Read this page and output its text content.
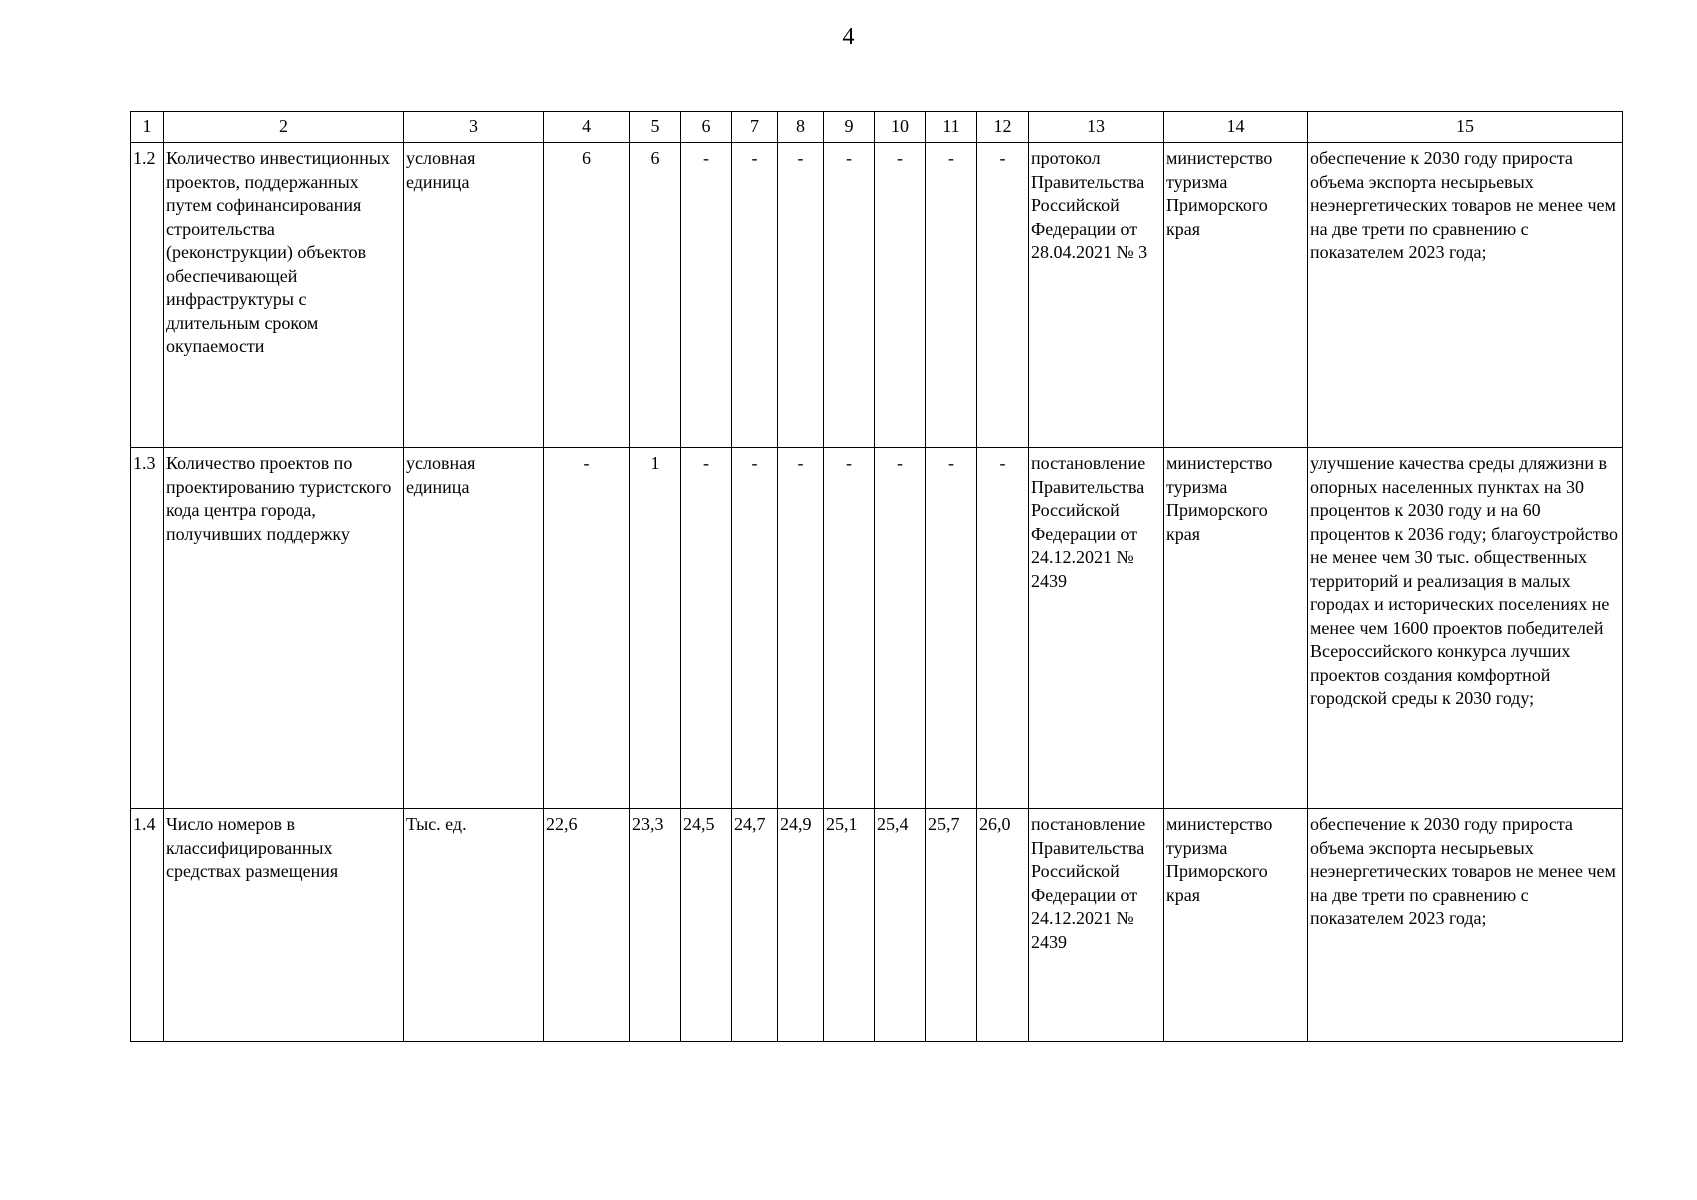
4
1	2	3	4	5	6	7	8	9	10	11	12	13	14	15
1.2	Количество инвестиционных проектов, поддержанных путем софинансирования строительства (реконструкции) объектов обеспечивающей инфраструктуры с длительным сроком окупаемости	условная единица	6	6	-	-	-	-	-	-	-	протокол Правительства Российской Федерации от 28.04.2021 № 3	министерство туризма Приморского края	обеспечение к 2030 году прироста объема экспорта несырьевых неэнергетических товаров не менее чем на две трети по сравнению с показателем 2023 года;
1.3	Количество проектов по проектированию туристского кода центра города, получивших поддержку	условная единица	-	1	-	-	-	-	-	-	-	постановление Правительства Российской Федерации от 24.12.2021 № 2439	министерство туризма Приморского края	улучшение качества среды дляжизни в опорных населенных пунктах на 30 процентов к 2030 году и на 60 процентов к 2036 году; благоустройство не менее чем 30 тыс. общественных территорий и реализация в малых городах и исторических поселениях не менее чем 1600 проектов победителей Всероссийского конкурса лучших проектов создания комфортной городской среды к 2030 году;
1.4	Число номеров в классифицированных средствах размещения	Тыс. ед.	22,6	23,3	24,5	24,7	24,9	25,1	25,4	25,7	26,0	постановление Правительства Российской Федерации от 24.12.2021 № 2439	министерство туризма Приморского края	обеспечение к 2030 году прироста объема экспорта несырьевых неэнергетических товаров не менее чем на две трети по сравнению с показателем 2023 года;
